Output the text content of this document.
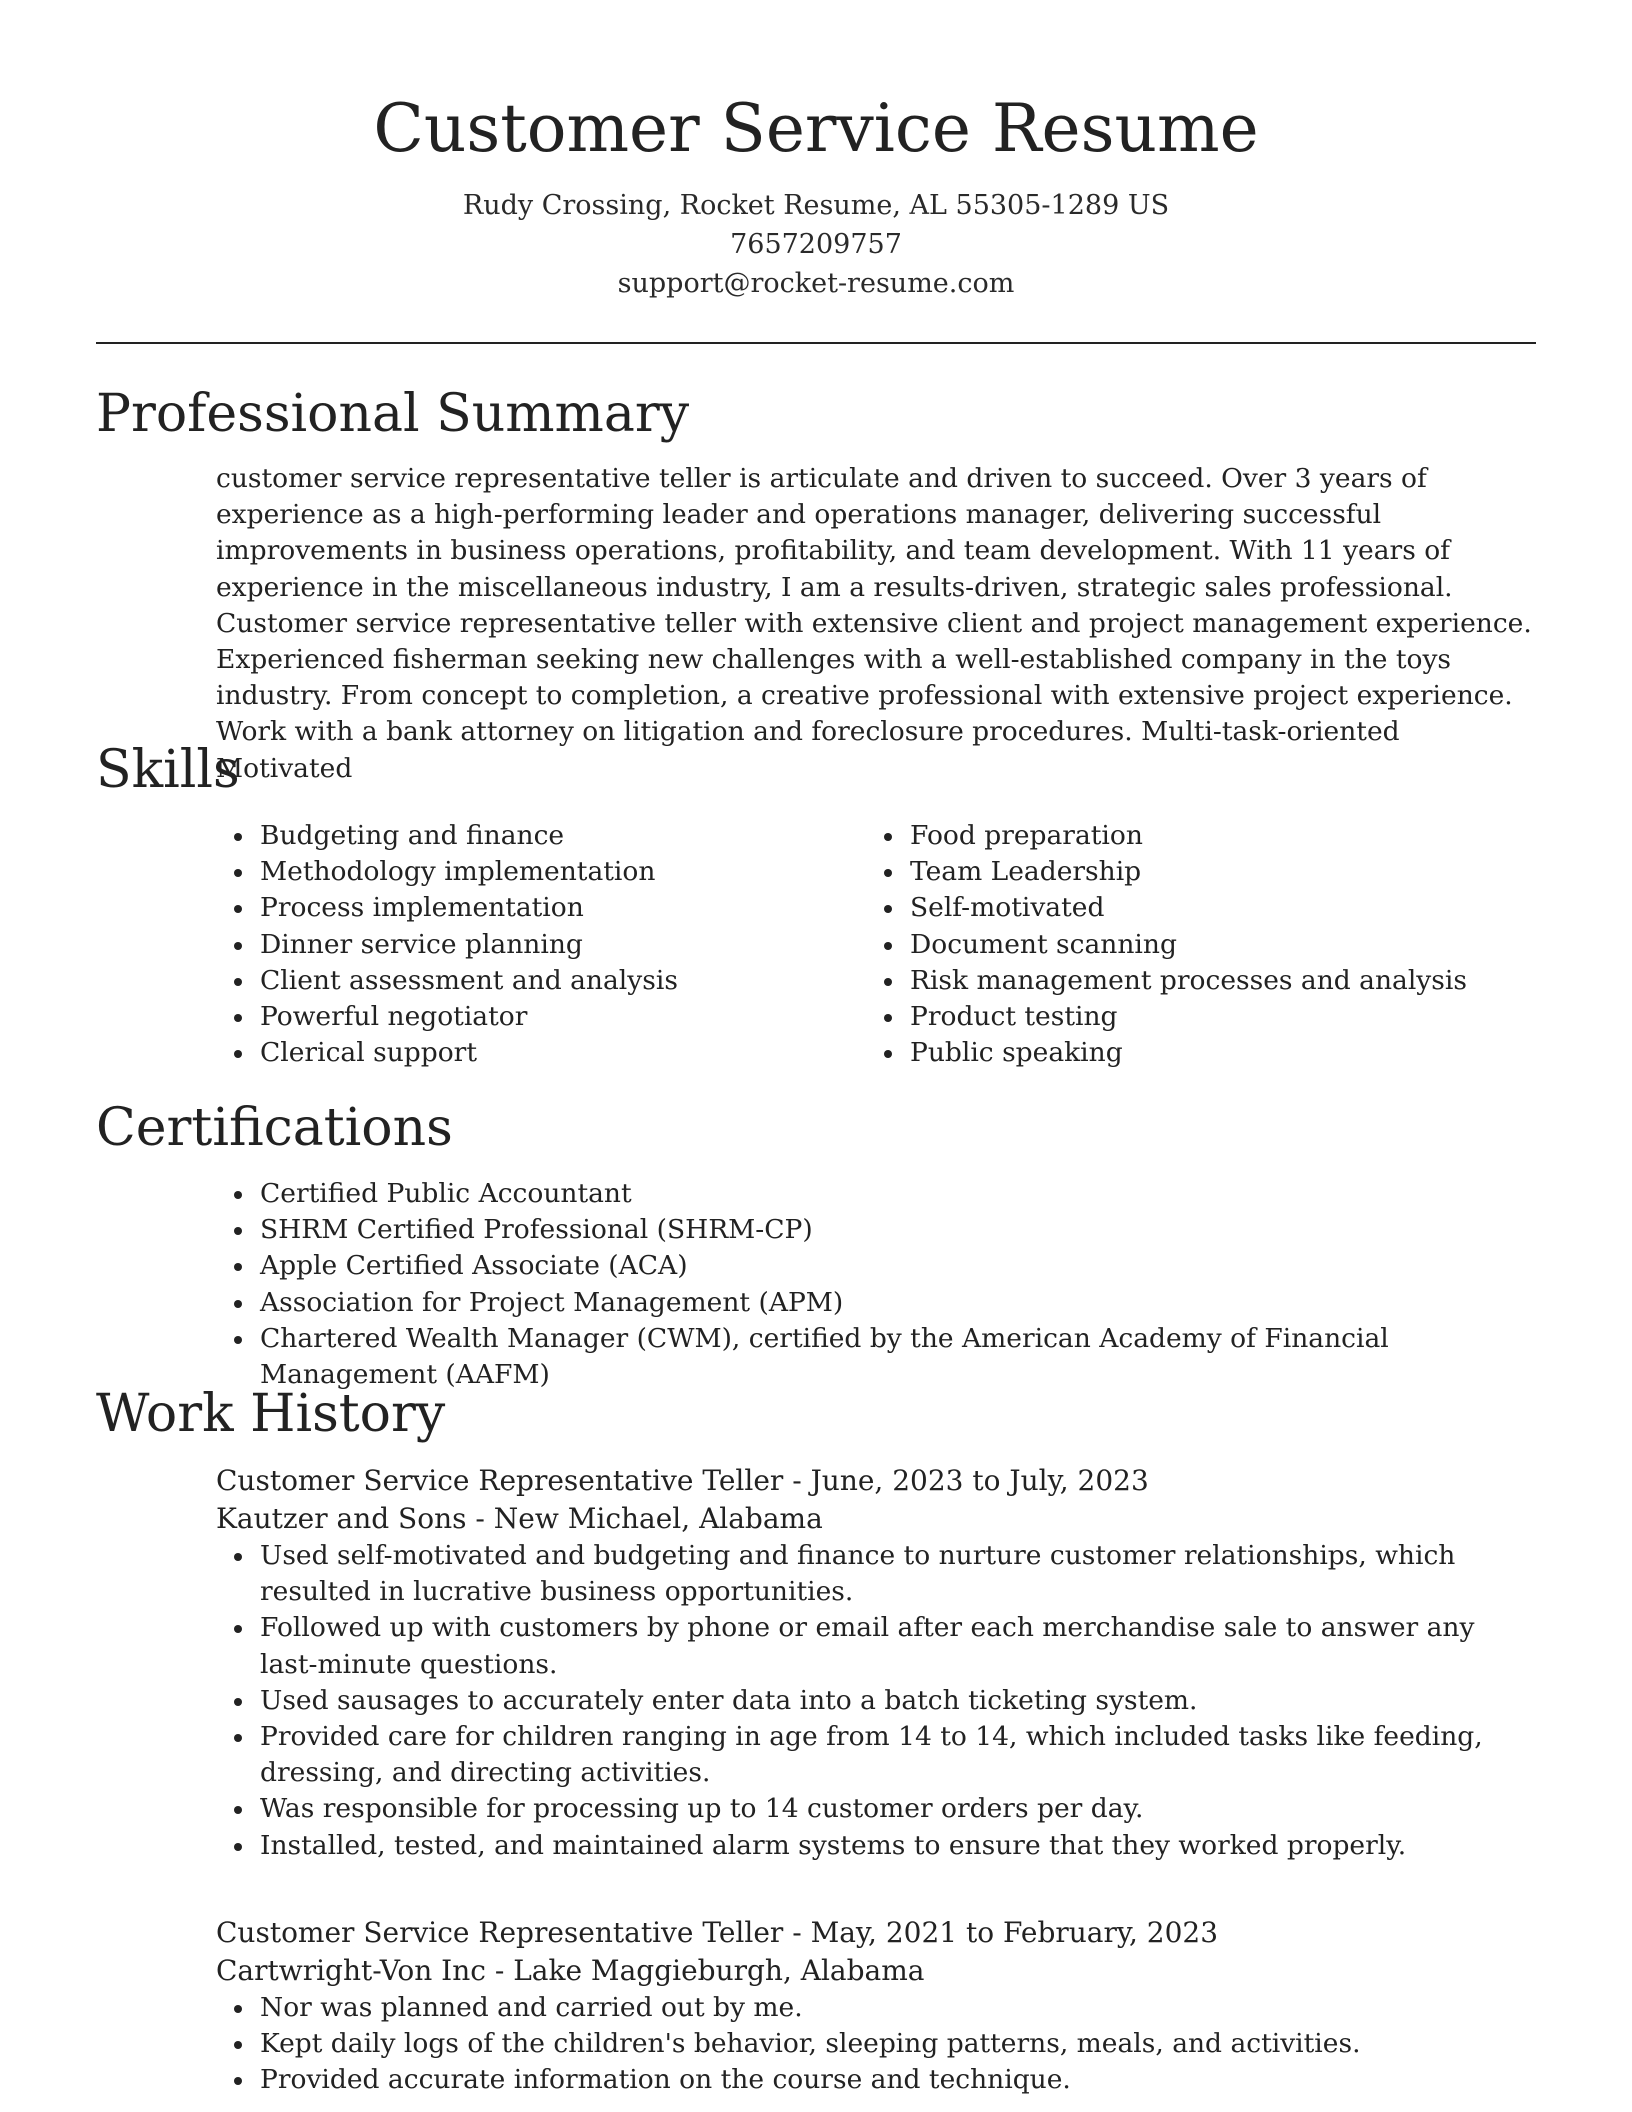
Customer Service Resume
Rudy Crossing, Rocket Resume, AL 55305-1289 US
7657209757
support@rocket-resume.com
Professional Summary

customer service representative teller is articulate and driven to succeed. Over 3 years of experience as a high-performing leader and operations manager, delivering successful improvements in business operations, profitability, and team development. With 11 years of experience in the miscellaneous industry, I am a results-driven, strategic sales professional. Customer service representative teller with extensive client and project management experience. Experienced fisherman seeking new challenges with a well-established company in the toys industry. From concept to completion, a creative professional with extensive project experience. Work with a bank attorney on litigation and foreclosure procedures. Multi-task-oriented Motivated

Skills
Budgeting and finance
Methodology implementation
Process implementation
Dinner service planning
Client assessment and analysis
Powerful negotiator
Clerical support
Food preparation
Team Leadership
Self-motivated
Document scanning
Risk management processes and analysis
Product testing
Public speaking
Certifications
Certified Public Accountant
SHRM Certified Professional (SHRM-CP)
Apple Certified Associate (ACA)
Association for Project Management (APM)
Chartered Wealth Manager (CWM), certified by the American Academy of Financial Management (AAFM)
Work History
Customer Service Representative Teller - June, 2023 to July, 2023
Kautzer and Sons - New Michael, Alabama
Used self-motivated and budgeting and finance to nurture customer relationships, which resulted in lucrative business opportunities.
Followed up with customers by phone or email after each merchandise sale to answer any last-minute questions.
Used sausages to accurately enter data into a batch ticketing system.
Provided care for children ranging in age from 14 to 14, which included tasks like feeding, dressing, and directing activities.
Was responsible for processing up to 14 customer orders per day.
Installed, tested, and maintained alarm systems to ensure that they worked properly.
Customer Service Representative Teller - May, 2021 to February, 2023
Cartwright-Von Inc - Lake Maggieburgh, Alabama
Nor was planned and carried out by me.
Kept daily logs of the children's behavior, sleeping patterns, meals, and activities.
Provided accurate information on the course and technique.
